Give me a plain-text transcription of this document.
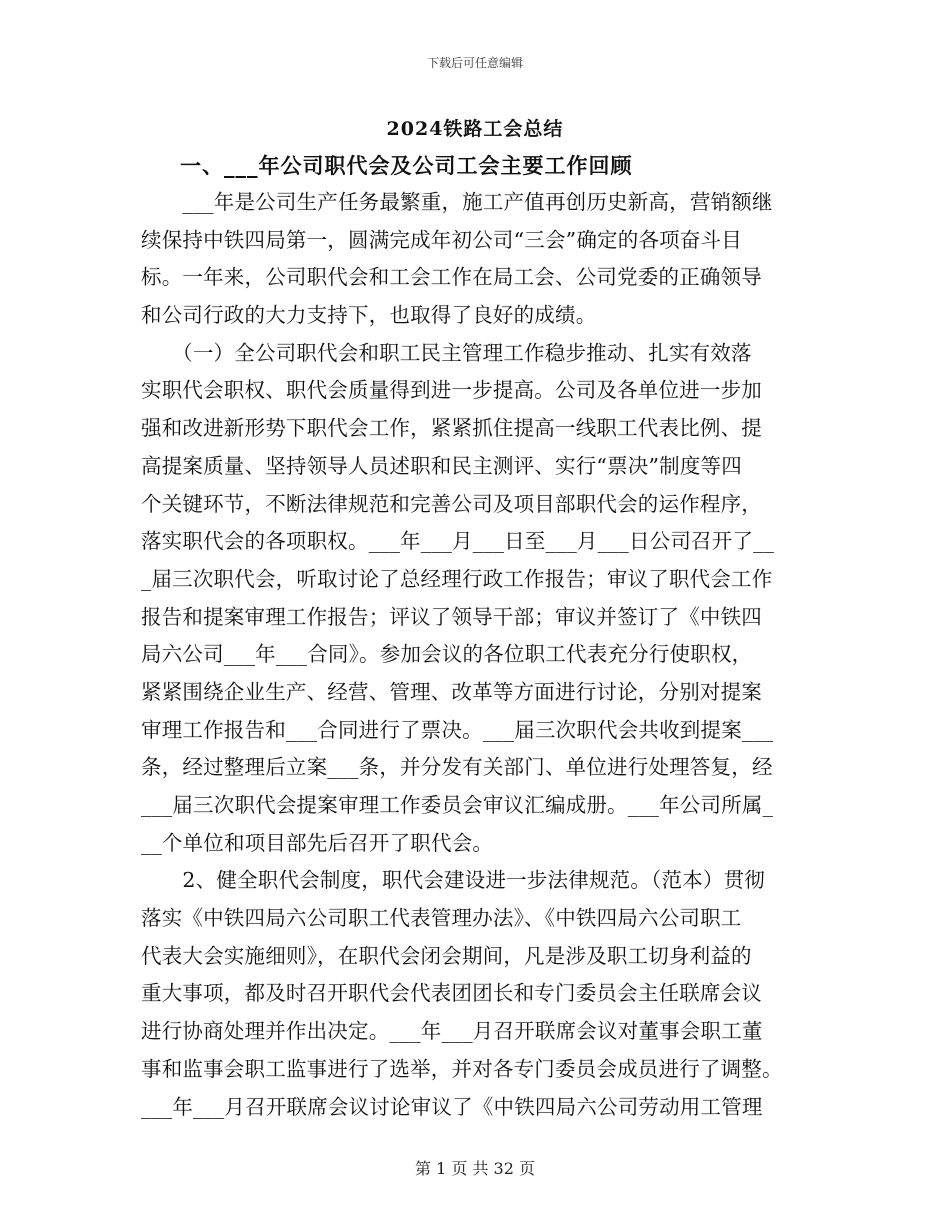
下载后可任意编辑
2024铁路工会总结
一、___年公司职代会及公司工会主要工作回顾
　　___年是公司生产任务最繁重，施工产值再创历史新高，营销额继
续保持中铁四局第一，圆满完成年初公司“三会”确定的各项奋斗目
标。一年来，公司职代会和工会工作在局工会、公司党委的正确领导
和公司行政的大力支持下，也取得了良好的成绩。
　　（一）全公司职代会和职工民主管理工作稳步推动、扎实有效落
实职代会职权、职代会质量得到进一步提高。公司及各单位进一步加
强和改进新形势下职代会工作，紧紧抓住提高一线职工代表比例、提
高提案质量、坚持领导人员述职和民主测评、实行“票决”制度等四
个关键环节，不断法律规范和完善公司及项目部职代会的运作程序，
落实职代会的各项职权。___年___月___日至___月___日公司召开了__
_届三次职代会，听取讨论了总经理行政工作报告；审议了职代会工作
报告和提案审理工作报告；评议了领导干部；审议并签订了《中铁四
局六公司___年___合同》。参加会议的各位职工代表充分行使职权，
紧紧围绕企业生产、经营、管理、改革等方面进行讨论，分别对提案
审理工作报告和___合同进行了票决。___届三次职代会共收到提案___
条，经过整理后立案___条，并分发有关部门、单位进行处理答复，经
___届三次职代会提案审理工作委员会审议汇编成册。___年公司所属_
__个单位和项目部先后召开了职代会。
　　2、健全职代会制度，职代会建设进一步法律规范。（范本）贯彻
落实《中铁四局六公司职工代表管理办法》、《中铁四局六公司职工
代表大会实施细则》，在职代会闭会期间，凡是涉及职工切身利益的
重大事项，都及时召开职代会代表团团长和专门委员会主任联席会议
进行协商处理并作出决定。___年___月召开联席会议对董事会职工董
事和监事会职工监事进行了选举，并对各专门委员会成员进行了调整。
___年___月召开联席会议讨论审议了《中铁四局六公司劳动用工管理
第 1 页 共 32 页
